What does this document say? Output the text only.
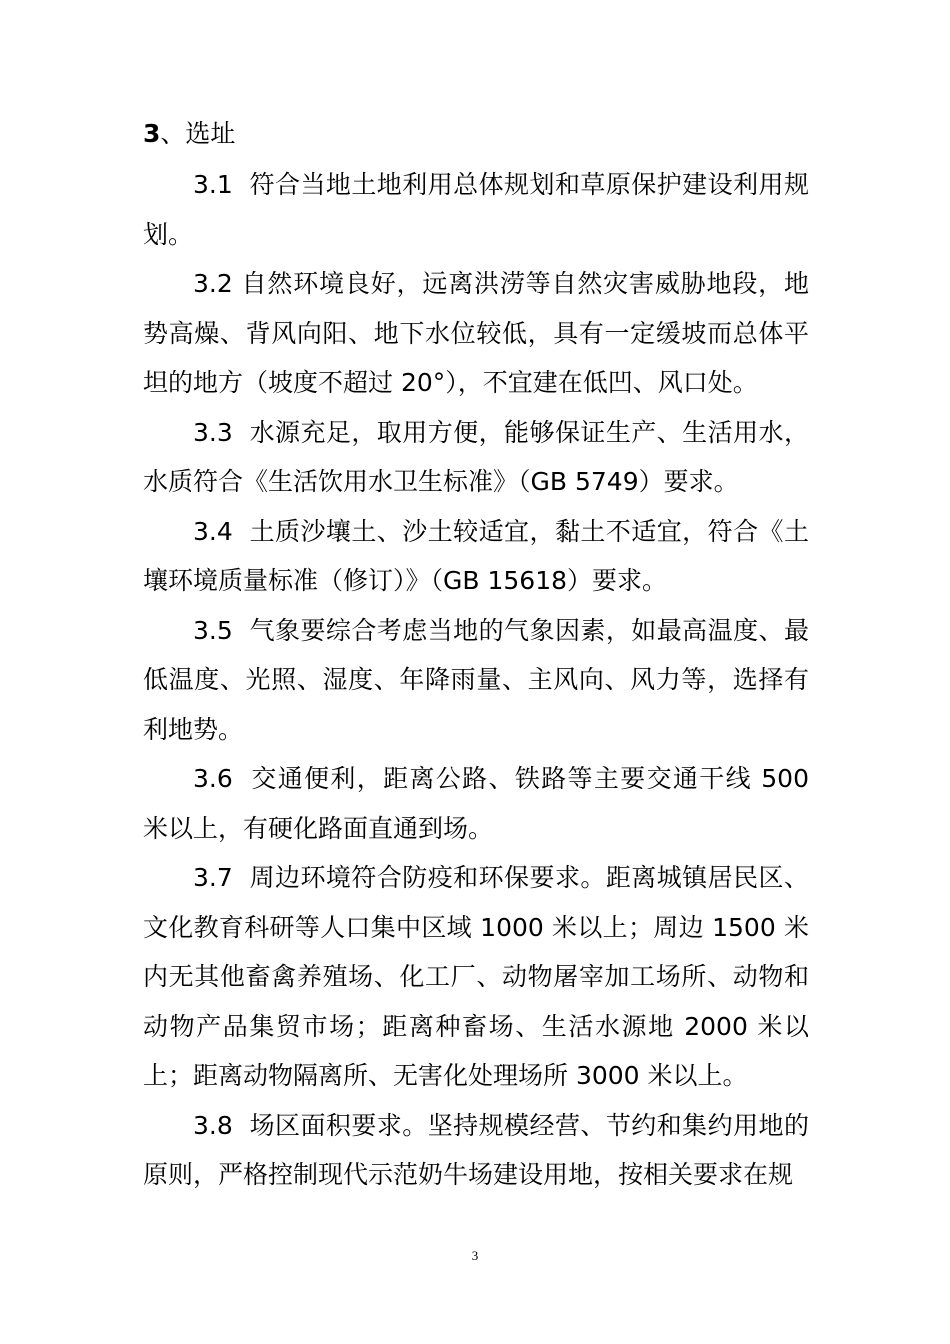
3、选址

3.1 符合当地土地利用总体规划和草原保护建设利用规划。

3.2 自然环境良好，远离洪涝等自然灾害威胁地段，地势高燥、背风向阳、地下水位较低，具有一定缓坡而总体平坦的地方（坡度不超过 20°），不宜建在低凹、风口处。

3.3 水源充足，取用方便，能够保证生产、生活用水，水质符合《生活饮用水卫生标准》（GB 5749）要求。

3.4 土质沙壤土、沙土较适宜，黏土不适宜，符合《土壤环境质量标准（修订）》（GB 15618）要求。

3.5 气象要综合考虑当地的气象因素，如最高温度、最低温度、光照、湿度、年降雨量、主风向、风力等，选择有利地势。

3.6 交通便利，距离公路、铁路等主要交通干线 500 米以上，有硬化路面直通到场。

3.7 周边环境符合防疫和环保要求。距离城镇居民区、文化教育科研等人口集中区域 1000 米以上；周边 1500 米内无其他畜禽养殖场、化工厂、动物屠宰加工场所、动物和动物产品集贸市场；距离种畜场、生活水源地 2000 米以上；距离动物隔离所、无害化处理场所 3000 米以上。

3.8 场区面积要求。坚持规模经营、节约和集约用地的原则，严格控制现代示范奶牛场建设用地，按相关要求在规

3
